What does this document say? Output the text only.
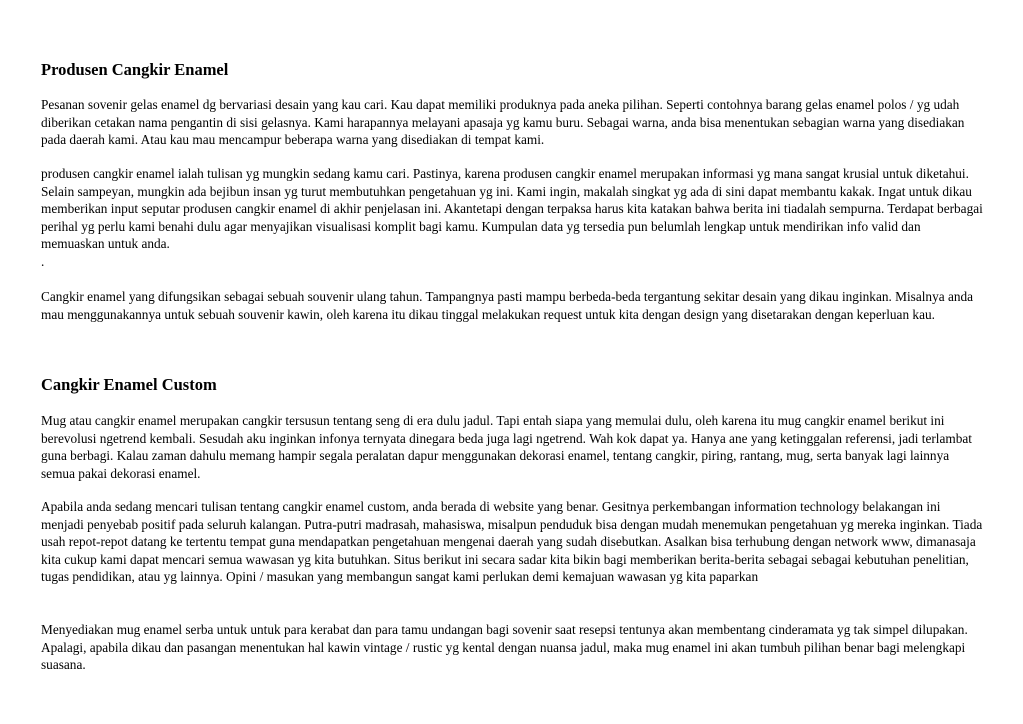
Produsen Cangkir Enamel

Pesanan sovenir gelas enamel dg bervariasi desain yang kau cari. Kau dapat memiliki produknya pada aneka pilihan. Seperti contohnya barang gelas enamel polos / yg udah diberikan cetakan nama pengantin di sisi gelasnya. Kami harapannya melayani apasaja yg kamu buru. Sebagai warna, anda bisa menentukan sebagian warna yang disediakan pada daerah kami. Atau kau mau mencampur beberapa warna yang disediakan di tempat kami.

produsen cangkir enamel ialah tulisan yg mungkin sedang kamu cari. Pastinya, karena produsen cangkir enamel merupakan informasi yg mana sangat krusial untuk diketahui. Selain sampeyan, mungkin ada bejibun insan yg turut membutuhkan pengetahuan yg ini. Kami ingin, makalah singkat yg ada di sini dapat membantu kakak. Ingat untuk dikau memberikan input seputar produsen cangkir enamel di akhir penjelasan ini. Akantetapi dengan terpaksa harus kita katakan bahwa berita ini tiadalah sempurna. Terdapat berbagai perihal yg perlu kami benahi dulu agar menyajikan visualisasi komplit bagi kamu. Kumpulan data yg tersedia pun belumlah lengkap untuk mendirikan info valid dan memuaskan untuk anda.

.

Cangkir enamel yang difungsikan sebagai sebuah souvenir ulang tahun. Tampangnya pasti mampu berbeda-beda tergantung sekitar desain yang dikau inginkan. Misalnya anda mau menggunakannya untuk sebuah souvenir kawin, oleh karena itu dikau tinggal melakukan request untuk kita dengan design yang disetarakan dengan keperluan kau.

Cangkir Enamel Custom

Mug atau cangkir enamel merupakan cangkir tersusun tentang seng di era dulu jadul. Tapi entah siapa yang memulai dulu, oleh karena itu mug cangkir enamel berikut ini berevolusi ngetrend kembali. Sesudah aku inginkan infonya ternyata dinegara beda juga lagi ngetrend. Wah kok dapat ya. Hanya ane yang ketinggalan referensi, jadi terlambat guna berbagi. Kalau zaman dahulu memang hampir segala peralatan dapur menggunakan dekorasi enamel, tentang cangkir, piring, rantang, mug, serta banyak lagi lainnya semua pakai dekorasi enamel.

Apabila anda sedang mencari tulisan tentang cangkir enamel custom, anda berada di website yang benar. Gesitnya perkembangan information technology belakangan ini menjadi penyebab positif pada seluruh kalangan. Putra-putri madrasah, mahasiswa, misalpun penduduk bisa dengan mudah menemukan pengetahuan yg mereka inginkan. Tiada usah repot-repot datang ke tertentu tempat guna mendapatkan pengetahuan mengenai daerah yang sudah disebutkan. Asalkan bisa terhubung dengan network www, dimanasaja kita cukup kami dapat mencari semua wawasan yg kita butuhkan. Situs berikut ini secara sadar kita bikin bagi memberikan berita-berita sebagai sebagai kebutuhan penelitian, tugas pendidikan, atau yg lainnya. Opini / masukan yang membangun sangat kami perlukan demi kemajuan wawasan yg kita paparkan

Menyediakan mug enamel serba untuk untuk para kerabat dan para tamu undangan bagi sovenir saat resepsi tentunya akan membentang cinderamata yg tak simpel dilupakan. Apalagi, apabila dikau dan pasangan menentukan hal kawin vintage / rustic yg kental dengan nuansa jadul, maka mug enamel ini akan tumbuh pilihan benar bagi melengkapi suasana.
